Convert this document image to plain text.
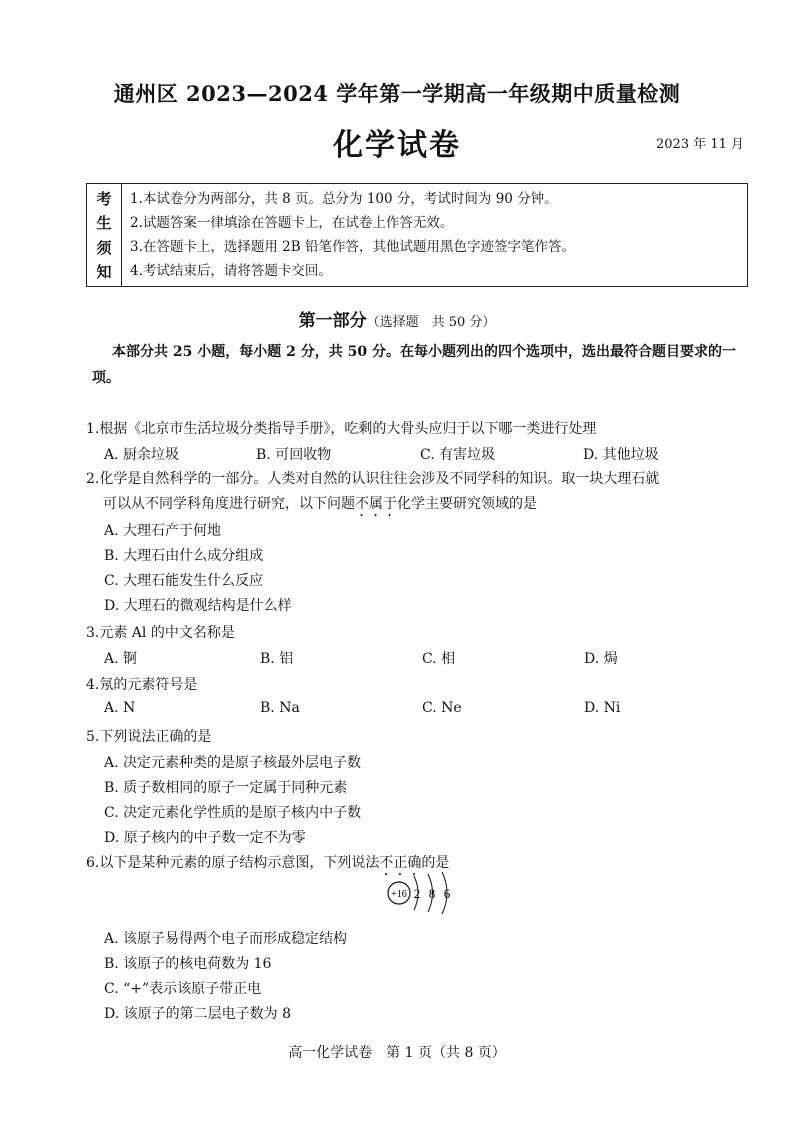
通州区 2023—2024 学年第一学期高一年级期中质量检测
化学试卷	2023 年 11 月
考
生
须
知
1.本试卷分为两部分，共 8 页。总分为 100 分，考试时间为 90 分钟。
2.试题答案一律填涂在答题卡上，在试卷上作答无效。
3.在答题卡上，选择题用 2B 铅笔作答，其他试题用黑色字迹签字笔作答。
4.考试结束后，请将答题卡交回。
第一部分（选择题　共 50 分）
本部分共 25 小题，每小题 2 分，共 50 分。在每小题列出的四个选项中，选出最符合题目要求的一项。
1.根据《北京市生活垃圾分类指导手册》，吃剩的大骨头应归于以下哪一类进行处理
A. 厨余垃圾	B. 可回收物	C. 有害垃圾	D. 其他垃圾
2.化学是自然科学的一部分。人类对自然的认识往往会涉及不同学科的知识。取一块大理石就
可以从不同学科角度进行研究，以下问题不属于化学主要研究领域的是
A. 大理石产于何地
B. 大理石由什么成分组成
C. 大理石能发生什么反应
D. 大理石的微观结构是什么样
3.元素 Al 的中文名称是
A. 锕	B. 铝	C. 相	D. 焗
4.氖的元素符号是
A. N	B. Na	C. Ne	D. Ni
5.下列说法正确的是
A. 决定元素种类的是原子核最外层电子数
B. 质子数相同的原子一定属于同种元素
C. 决定元素化学性质的是原子核内中子数
D. 原子核内的中子数一定不为零
6.以下是某种元素的原子结构示意图，下列说法不正确的是
+16 2 8 6
A. 该原子易得两个电子而形成稳定结构
B. 该原子的核电荷数为 16
C. “+”表示该原子带正电
D. 该原子的第二层电子数为 8
高一化学试卷　第 1 页（共 8 页）
